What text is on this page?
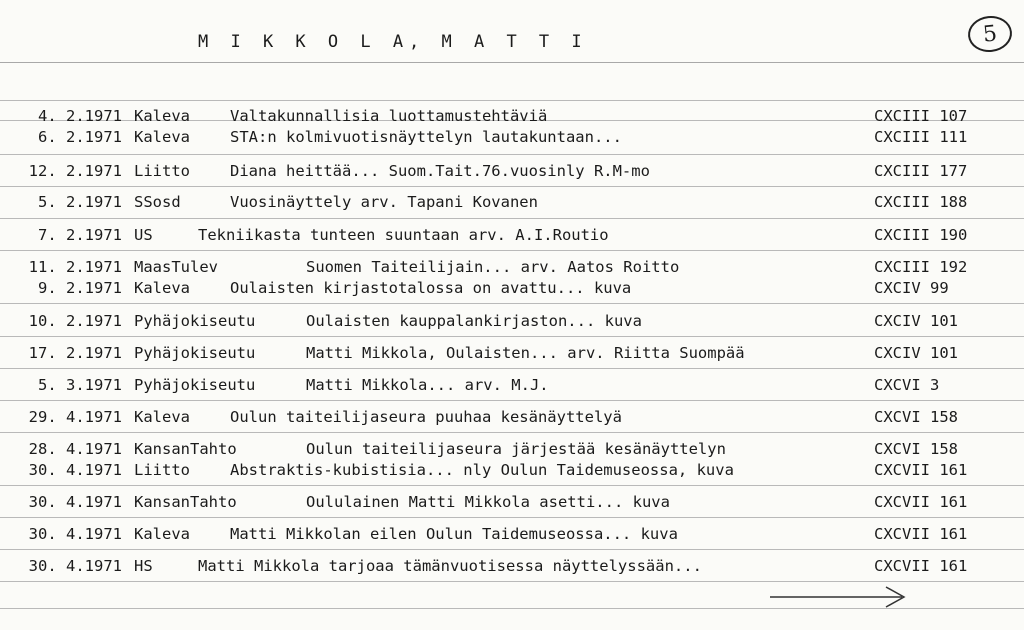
M I K K O L A, M A T T I	5
4. 2.1971 Kaleva	Valtakunnallisia luottamustehtäviä	CXCIII 107
6. 2.1971 Kaleva	STA:n kolmivuotisnäyttelyn lautakuntaan...	CXCIII 111
12. 2.1971 Liitto	Diana heittää... Suom.Tait.76.vuosinly R.M-mo	CXCIII 177
5. 2.1971 SSosd	Vuosinäyttely arv. Tapani Kovanen	CXCIII 188
7. 2.1971 US	Tekniikasta tunteen suuntaan arv. A.I.Routio	CXCIII 190
11. 2.1971 MaasTulev	Suomen Taiteilijain... arv. Aatos Roitto	CXCIII 192
9. 2.1971 Kaleva	Oulaisten kirjastotalossa on avattu... kuva	CXCIV 99
10. 2.1971 Pyhäjokiseutu	Oulaisten kauppalankirjaston... kuva	CXCIV 101
17. 2.1971 Pyhäjokiseutu	Matti Mikkola, Oulaisten... arv. Riitta Suompää	CXCIV 101
5. 3.1971 Pyhäjokiseutu	Matti Mikkola... arv. M.J.	CXCVI 3
29. 4.1971 Kaleva	Oulun taiteilijaseura puuhaa kesänäyttelyä	CXCVI 158
28. 4.1971 KansanTahto	Oulun taiteilijaseura järjestää kesänäyttelyn	CXCVI 158
30. 4.1971 Liitto	Abstraktis-kubistisia... nly Oulun Taidemuseossa, kuva	CXCVII 161
30. 4.1971 KansanTahto	Oululainen Matti Mikkola asetti... kuva	CXCVII 161
30. 4.1971 Kaleva	Matti Mikkolan eilen Oulun Taidemuseossa... kuva	CXCVII 161
30. 4.1971 HS	Matti Mikkola tarjoaa tämänvuotisessa näyttelyssään...	CXCVII 161
